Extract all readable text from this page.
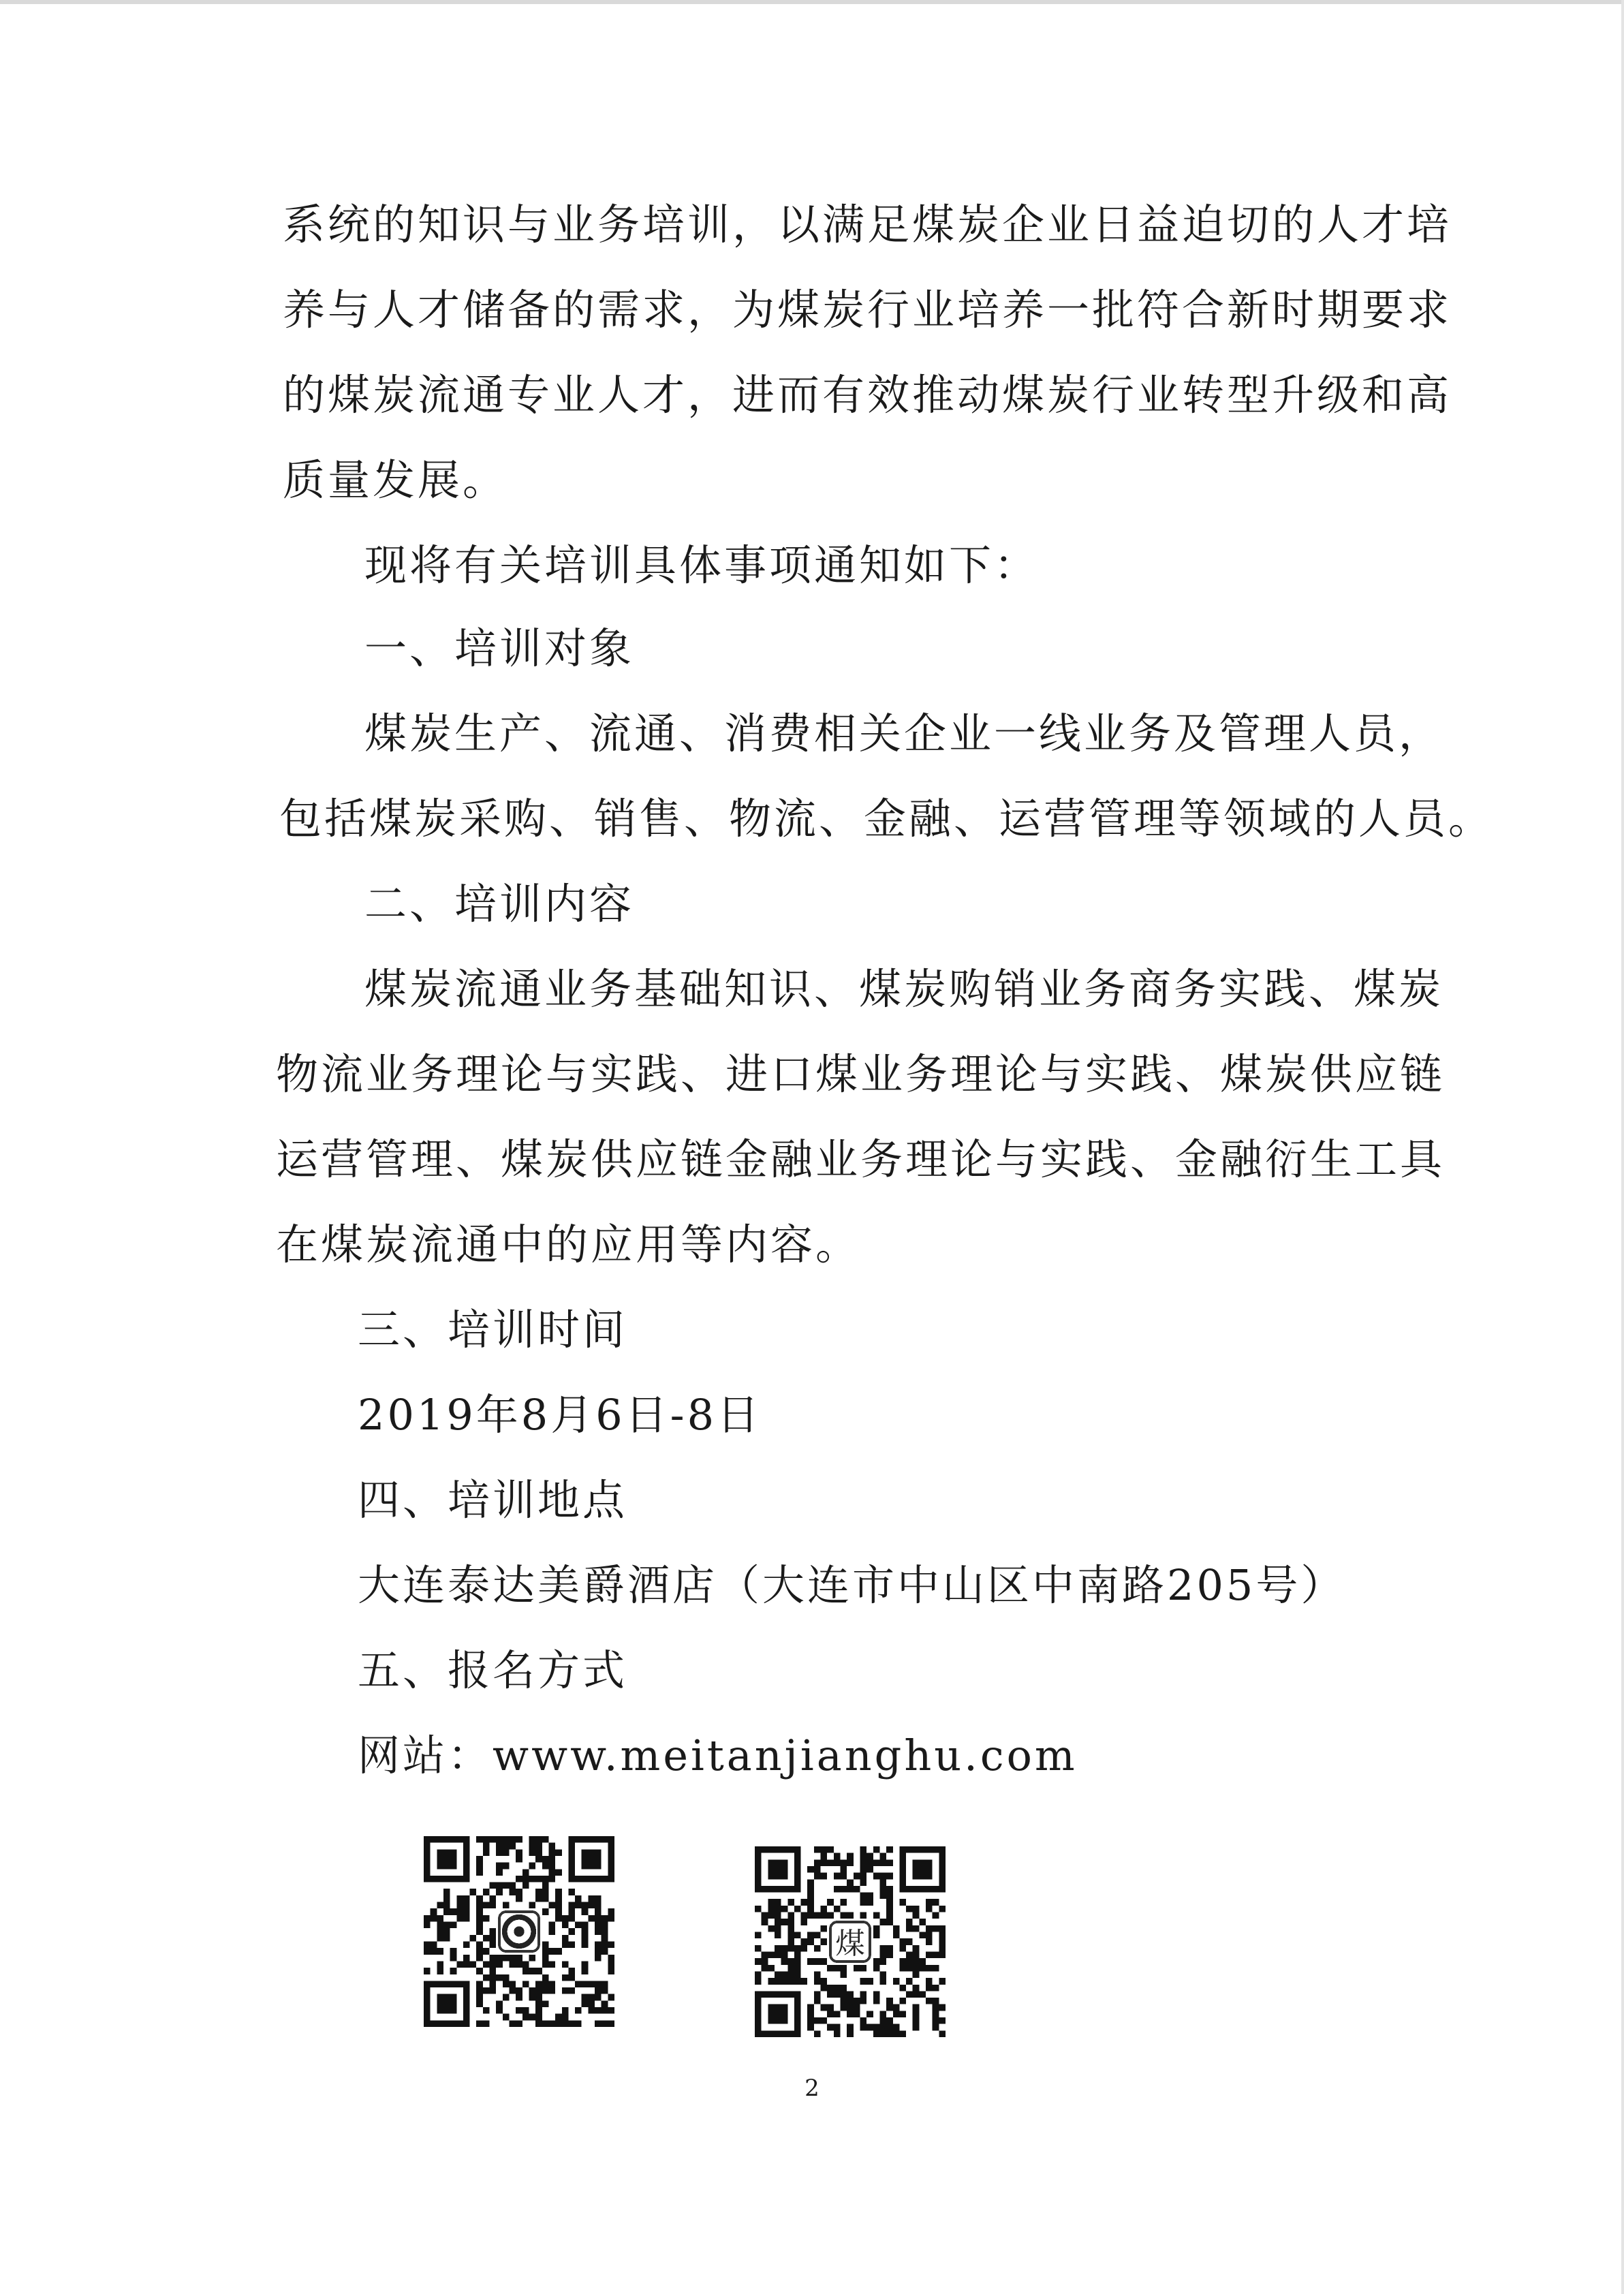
系统的知识与业务培训，以满足煤炭企业日益迫切的人才培
养与人才储备的需求，为煤炭行业培养一批符合新时期要求
的煤炭流通专业人才，进而有效推动煤炭行业转型升级和高
质量发展。
现将有关培训具体事项通知如下：
一、培训对象
煤炭生产、流通、消费相关企业一线业务及管理人员，
包括煤炭采购、销售、物流、金融、运营管理等领域的人员。
二、培训内容
煤炭流通业务基础知识、煤炭购销业务商务实践、煤炭
物流业务理论与实践、进口煤业务理论与实践、煤炭供应链
运营管理、煤炭供应链金融业务理论与实践、金融衍生工具
在煤炭流通中的应用等内容。
三、培训时间
2019年8月6日-8日
四、培训地点
大连泰达美爵酒店（大连市中山区中南路205号）
五、报名方式
网站：www.meitanjianghu.com
煤
2
